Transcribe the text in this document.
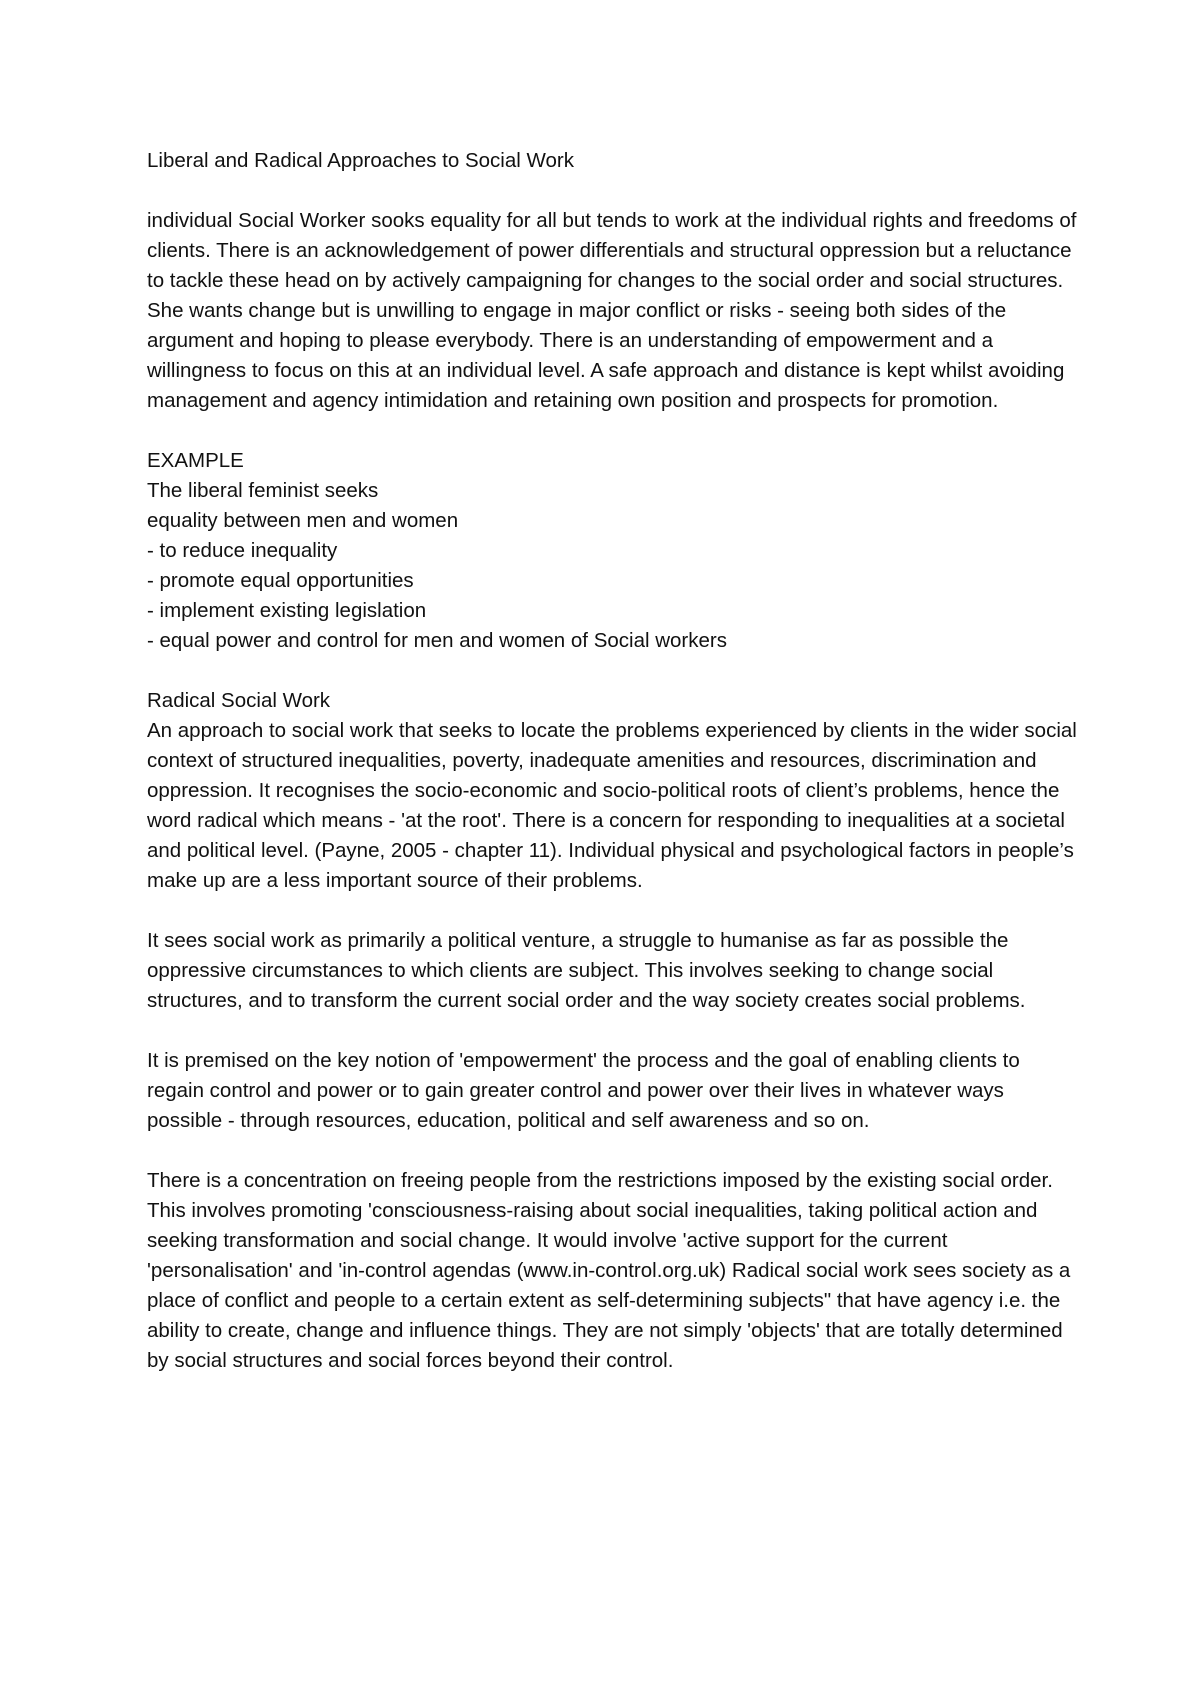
Liberal and Radical Approaches to Social Work

individual Social Worker sooks equality for all but tends to work at the individual rights and freedoms of clients. There is an acknowledgement of power differentials and structural oppression but a reluctance to tackle these head on by actively campaigning for changes to the social order and social structures. She wants change but is unwilling to engage in major conflict or risks - seeing both sides of the argument and hoping to please everybody. There is an understanding of empowerment and a willingness to focus on this at an individual level. A safe approach and distance is kept whilst avoiding management and agency intimidation and retaining own position and prospects for promotion.

EXAMPLE
The liberal feminist seeks
equality between men and women
- to reduce inequality
- promote equal opportunities
- implement existing legislation
- equal power and control for men and women of Social workers
Radical Social Work

An approach to social work that seeks to locate the problems experienced by clients in the wider social context of structured inequalities, poverty, inadequate amenities and resources, discrimination and oppression. It recognises the socio-economic and socio-political roots of client’s problems, hence the word radical which means - 'at the root'. There is a concern for responding to inequalities at a societal and political level. (Payne, 2005 - chapter 11). Individual physical and psychological factors in people’s make up are a less important source of their problems.

It sees social work as primarily a political venture, a struggle to humanise as far as possible the oppressive circumstances to which clients are subject. This involves seeking to change social structures, and to transform the current social order and the way society creates social problems.

It is premised on the key notion of 'empowerment' the process and the goal of enabling clients to regain control and power or to gain greater control and power over their lives in whatever ways possible - through resources, education, political and self awareness and so on.

There is a concentration on freeing people from the restrictions imposed by the existing social order. This involves promoting 'consciousness-raising about social inequalities, taking political action and seeking transformation and social change. It would involve 'active support for the current 'personalisation' and 'in-control agendas (www.in-control.org.uk) Radical social work sees society as a place of conflict and people to a certain extent as self-determining subjects" that have agency i.e. the ability to create, change and influence things. They are not simply 'objects' that are totally determined by social structures and social forces beyond their control.
